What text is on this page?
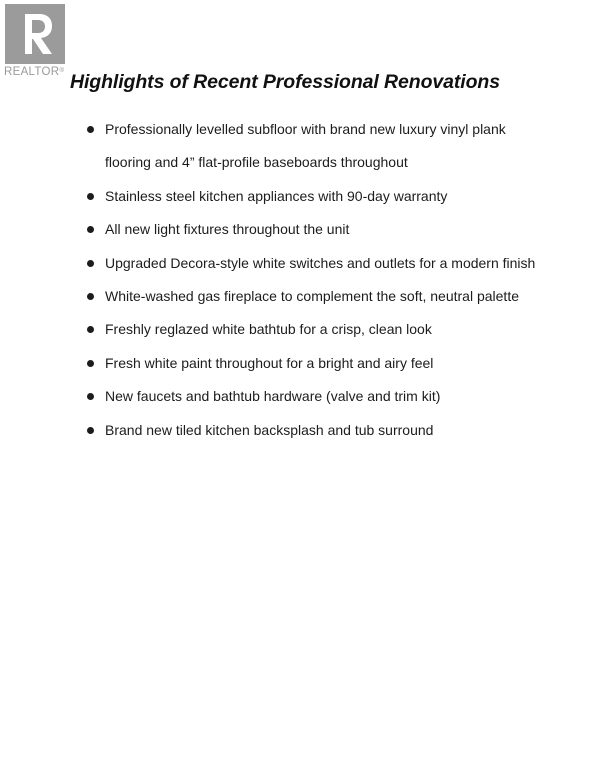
REALTOR®
Highlights of Recent Professional Renovations
Professionally levelled subfloor with brand new luxury vinyl plank flooring and 4” flat-profile baseboards throughout
Stainless steel kitchen appliances with 90-day warranty
All new light fixtures throughout the unit
Upgraded Decora-style white switches and outlets for a modern finish
White-washed gas fireplace to complement the soft, neutral palette
Freshly reglazed white bathtub for a crisp, clean look
Fresh white paint throughout for a bright and airy feel
New faucets and bathtub hardware (valve and trim kit)
Brand new tiled kitchen backsplash and tub surround
